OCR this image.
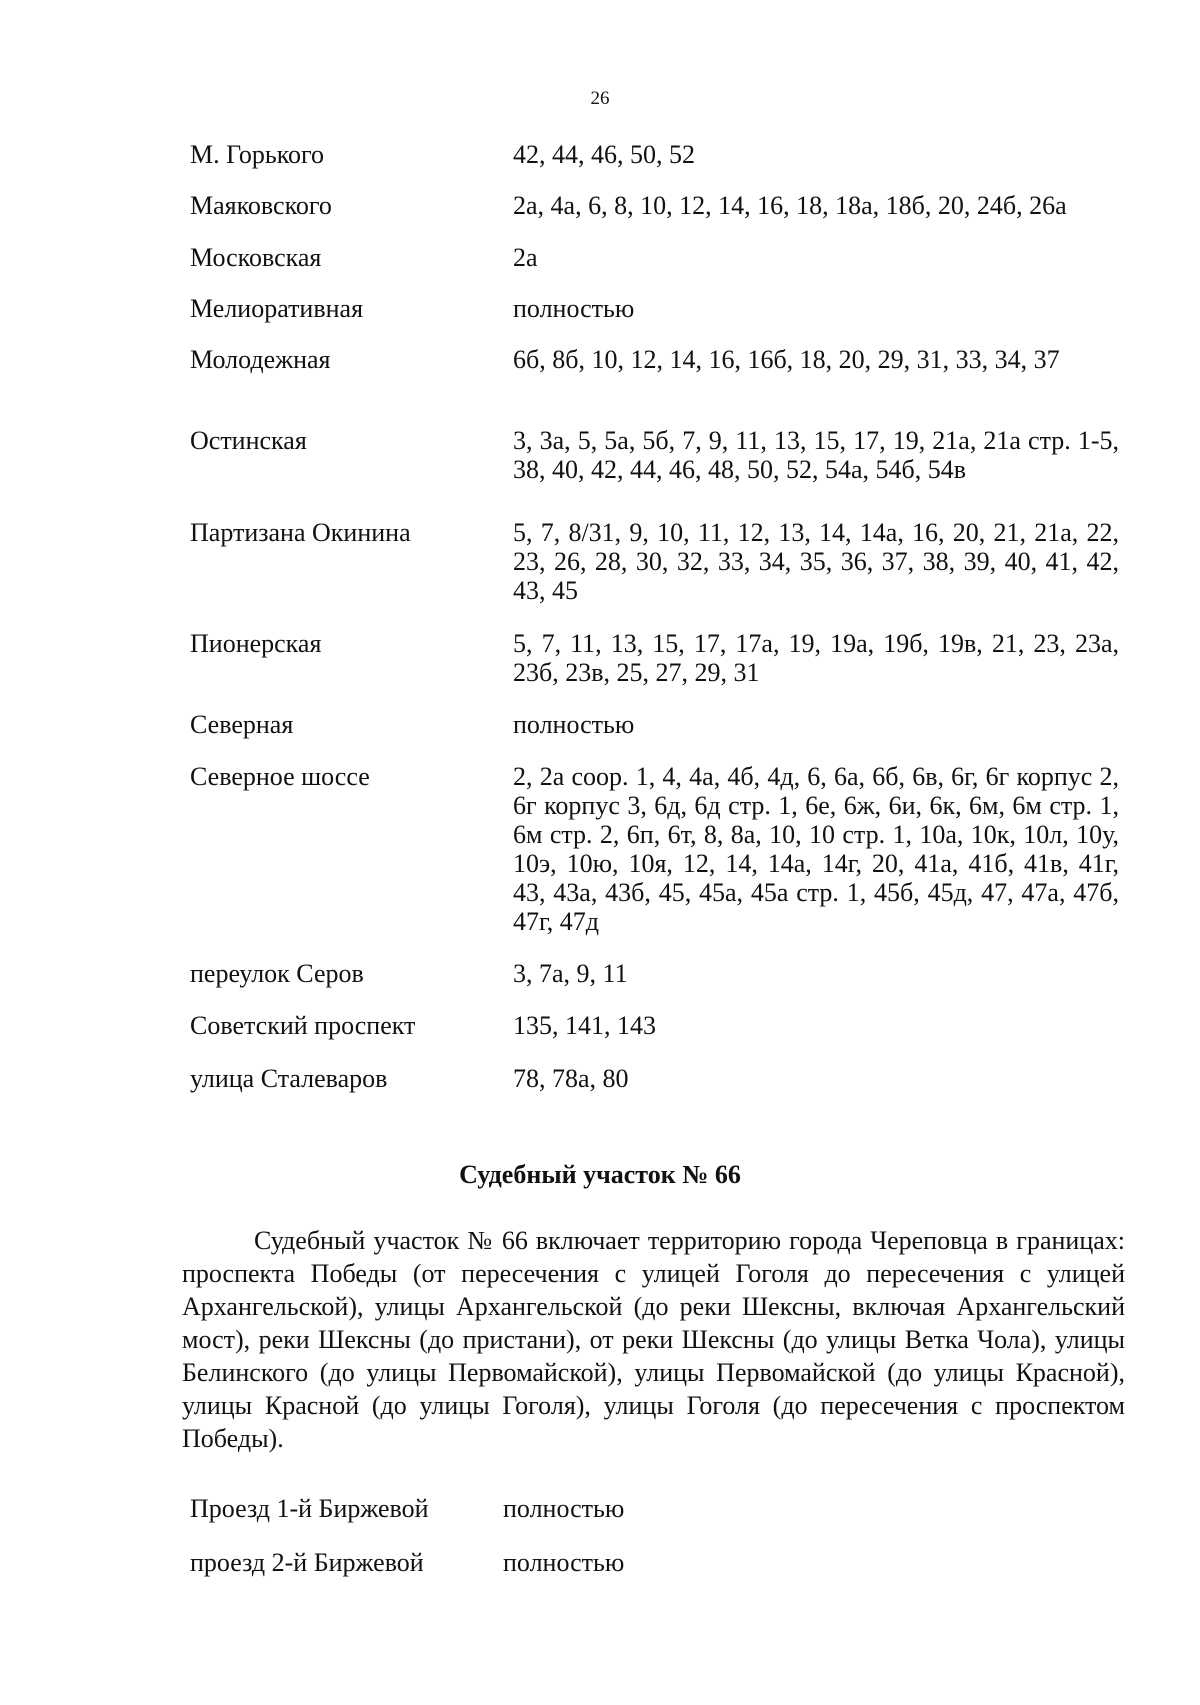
26
М. Горького	42, 44, 46, 50, 52
Маяковского	2а, 4а, 6, 8, 10, 12, 14, 16, 18, 18а, 18б, 20, 24б, 26а
Московская	2а
Мелиоративная	полностью
Молодежная	6б, 8б, 10, 12, 14, 16, 16б, 18, 20, 29, 31, 33, 34, 37
Остинская	3, 3а, 5, 5а, 5б, 7, 9, 11, 13, 15, 17, 19, 21а, 21а стр. 1-5, 38, 40, 42, 44, 46, 48, 50, 52, 54а, 54б, 54в
Партизана Окинина	5, 7, 8/31, 9, 10, 11, 12, 13, 14, 14а, 16, 20, 21, 21а, 22, 23, 26, 28, 30, 32, 33, 34, 35, 36, 37, 38, 39, 40, 41, 42, 43, 45
Пионерская	5, 7, 11, 13, 15, 17, 17а, 19, 19а, 19б, 19в, 21, 23, 23а, 23б, 23в, 25, 27, 29, 31
Северная	полностью
Северное шоссе	2, 2а соор. 1, 4, 4а, 4б, 4д, 6, 6а, 6б, 6в, 6г, 6г корпус 2, 6г корпус 3, 6д, 6д стр. 1, 6е, 6ж, 6и, 6к, 6м, 6м стр. 1, 6м стр. 2, 6п, 6т, 8, 8а, 10, 10 стр. 1, 10а, 10к, 10л, 10у, 10э, 10ю, 10я, 12, 14, 14а, 14г, 20, 41а, 41б, 41в, 41г, 43, 43а, 43б, 45, 45а, 45а стр. 1, 45б, 45д, 47, 47а, 47б, 47г, 47д
переулок Серов	3, 7а, 9, 11
Советский проспект	135, 141, 143
улица Сталеваров	78, 78а, 80
Судебный участок № 66

Судебный участок № 66 включает территорию города Череповца в границах: проспекта Победы (от пересечения с улицей Гоголя до пересечения с улицей Архангельской), улицы Архангельской (до реки Шексны, включая Архангельский мост), реки Шексны (до пристани), от реки Шексны (до улицы Ветка Чола), улицы Белинского (до улицы Первомайской), улицы Первомайской (до улицы Красной), улицы Красной (до улицы Гоголя), улицы Гоголя (до пересечения с проспектом Победы).

Проезд 1-й Биржевой	полностью
проезд 2-й Биржевой	полностью
